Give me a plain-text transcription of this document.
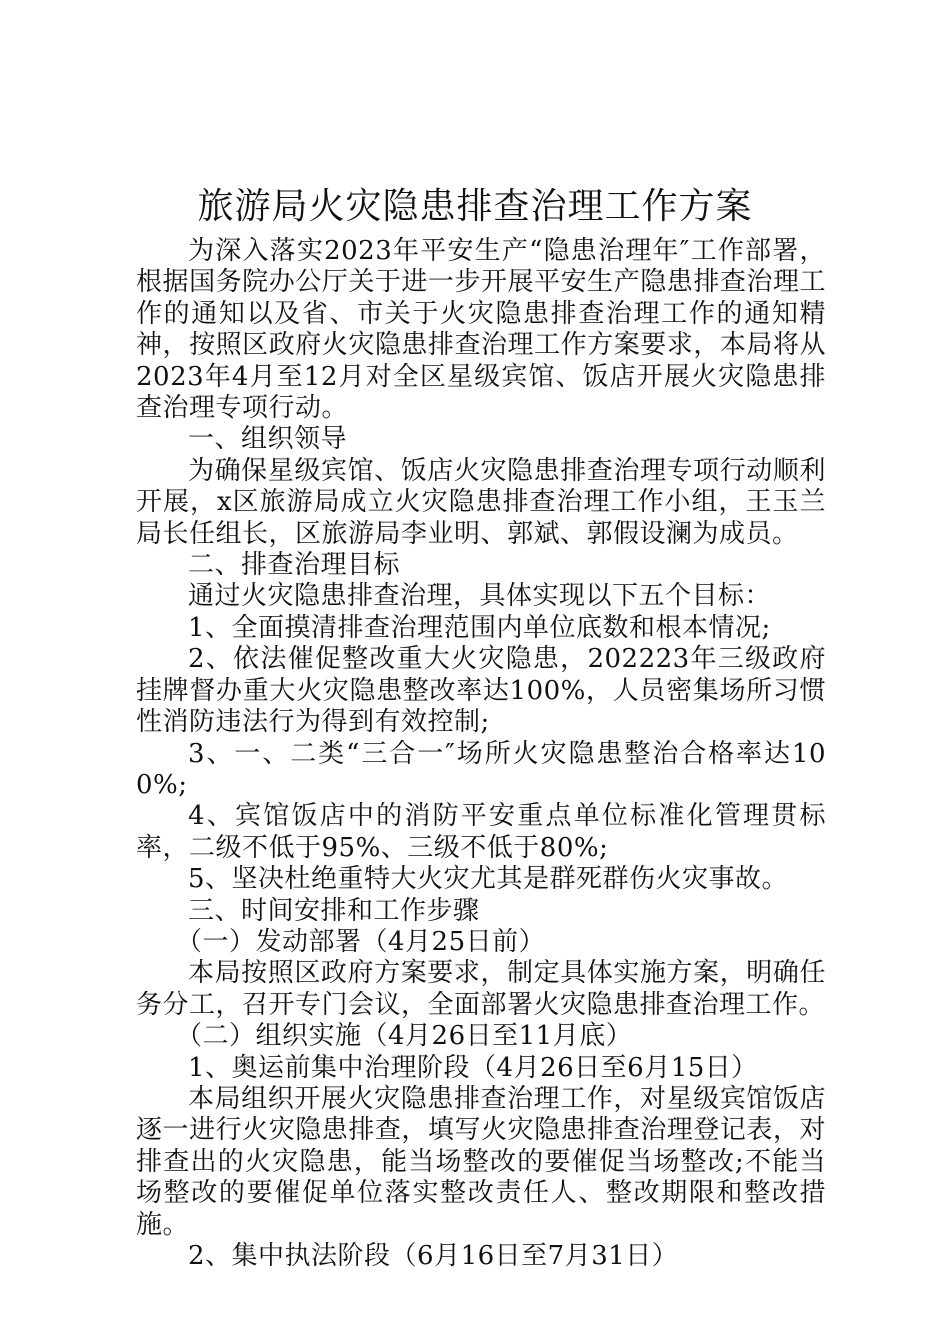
旅游局火灾隐患排查治理工作方案

为深入落实2023年平安生产“隐患治理年″工作部署，根据国务院办公厅关于进一步开展平安生产隐患排查治理工作的通知以及省、市关于火灾隐患排查治理工作的通知精神，按照区政府火灾隐患排查治理工作方案要求，本局将从2023年4月至12月对全区星级宾馆、饭店开展火灾隐患排查治理专项行动。

一、组织领导

为确保星级宾馆、饭店火灾隐患排查治理专项行动顺利开展，x区旅游局成立火灾隐患排查治理工作小组，王玉兰局长任组长，区旅游局李业明、郭斌、郭假设澜为成员。

二、排查治理目标

通过火灾隐患排查治理，具体实现以下五个目标：

1、全面摸清排查治理范围内单位底数和根本情况;

2、依法催促整改重大火灾隐患，202223年三级政府挂牌督办重大火灾隐患整改率达100%，人员密集场所习惯性消防违法行为得到有效控制;

3、一、二类“三合一″场所火灾隐患整治合格率达100%;

4、宾馆饭店中的消防平安重点单位标准化管理贯标率，二级不低于95%、三级不低于80%;

5、坚决杜绝重特大火灾尤其是群死群伤火灾事故。

三、时间安排和工作步骤

（一）发动部署（4月25日前）

本局按照区政府方案要求，制定具体实施方案，明确任务分工，召开专门会议，全面部署火灾隐患排查治理工作。

（二）组织实施（4月26日至11月底）

1、奥运前集中治理阶段（4月26日至6月15日）

本局组织开展火灾隐患排查治理工作，对星级宾馆饭店逐一进行火灾隐患排查，填写火灾隐患排查治理登记表，对排查出的火灾隐患，能当场整改的要催促当场整改;不能当场整改的要催促单位落实整改责任人、整改期限和整改措施。

2、集中执法阶段（6月16日至7月31日）
